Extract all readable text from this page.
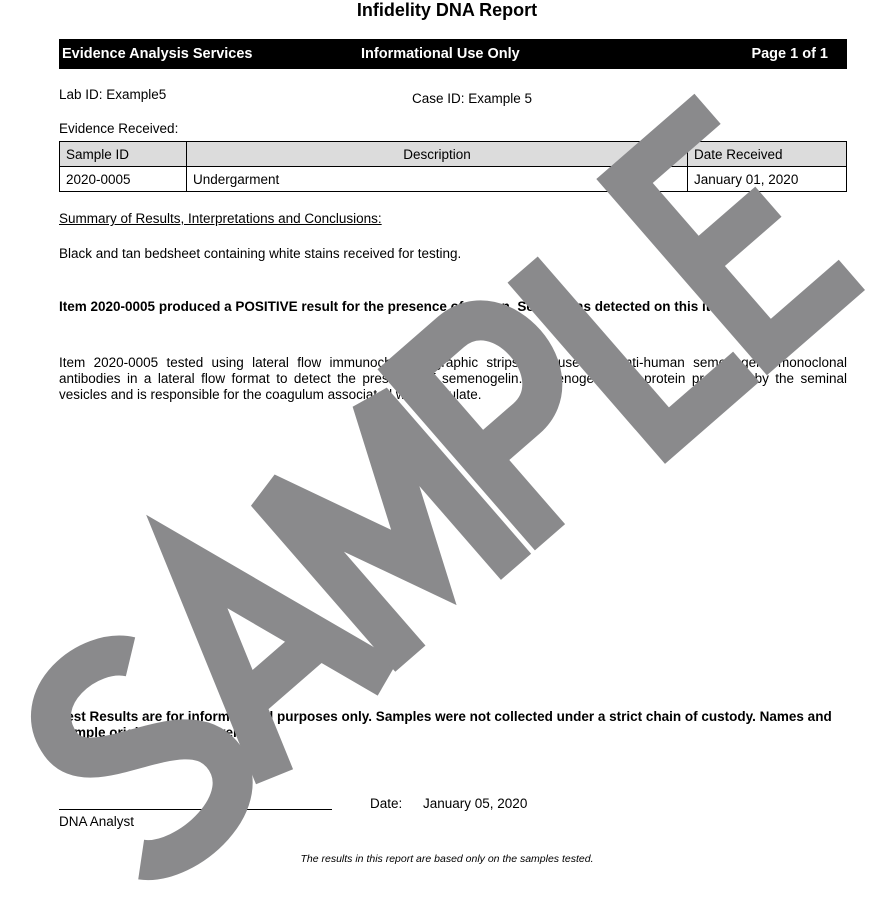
Infidelity DNA Report
Evidence Analysis Services	Informational Use Only	Page 1 of 1
Lab ID: Example5	Case ID: Example 5
Evidence Received:
Sample ID	Description	Date Received
2020-0005	Undergarment	January 01, 2020
Summary of Results, Interpretations and Conclusions:
Black and tan bedsheet containing white stains received for testing.
Item 2020-0005 produced a POSITIVE result for the presence of semen. Semen was detected on this item.
Item 2020-0005 tested using lateral flow immunochromatographic strips that use two anti-human semenogelin monoclonal antibodies in a lateral flow format to detect the presence of semenogelin. Semenogelin is a protein produced by the seminal vesicles and is responsible for the coagulum associated with ejaculate.
Test Results are for informational purposes only. Samples were not collected under a strict chain of custody. Names and sample origin cannot be verified.
DNA Analyst
Date: January 05, 2020
The results in this report are based only on the samples tested.
